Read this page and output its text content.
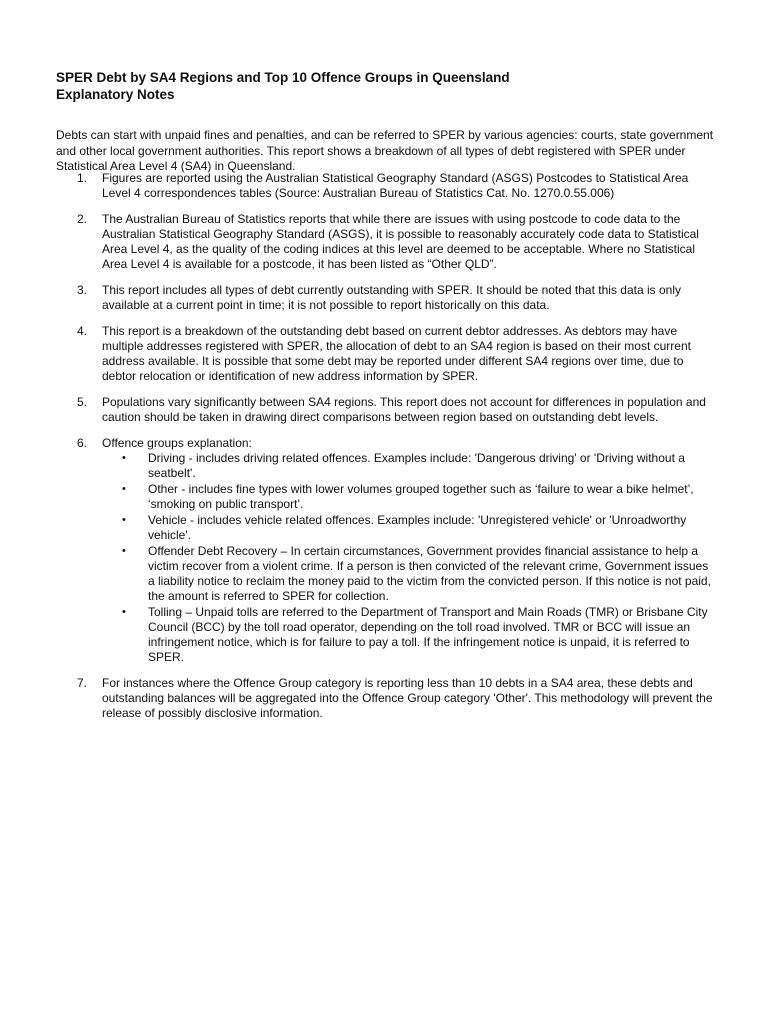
SPER Debt by SA4 Regions and Top 10 Offence Groups in Queensland
Explanatory Notes

Debts can start with unpaid fines and penalties, and can be referred to SPER by various agencies: courts, state government and other local government authorities. This report shows a breakdown of all types of debt registered with SPER under Statistical Area Level 4 (SA4) in Queensland.

1. Figures are reported using the Australian Statistical Geography Standard (ASGS) Postcodes to Statistical Area Level 4 correspondences tables (Source: Australian Bureau of Statistics Cat. No. 1270.0.55.006)
2. The Australian Bureau of Statistics reports that while there are issues with using postcode to code data to the Australian Statistical Geography Standard (ASGS), it is possible to reasonably accurately code data to Statistical Area Level 4, as the quality of the coding indices at this level are deemed to be acceptable. Where no Statistical Area Level 4 is available for a postcode, it has been listed as “Other QLD”.
3. This report includes all types of debt currently outstanding with SPER. It should be noted that this data is only available at a current point in time; it is not possible to report historically on this data.
4. This report is a breakdown of the outstanding debt based on current debtor addresses. As debtors may have multiple addresses registered with SPER, the allocation of debt to an SA4 region is based on their most current address available. It is possible that some debt may be reported under different SA4 regions over time, due to debtor relocation or identification of new address information by SPER.
5. Populations vary significantly between SA4 regions. This report does not account for differences in population and caution should be taken in drawing direct comparisons between region based on outstanding debt levels.
6. Offence groups explanation:
• Driving - includes driving related offences. Examples include: 'Dangerous driving' or 'Driving without a seatbelt'.
• Other - includes fine types with lower volumes grouped together such as ‘failure to wear a bike helmet’, ‘smoking on public transport’.
• Vehicle - includes vehicle related offences. Examples include: 'Unregistered vehicle' or 'Unroadworthy vehicle'.
• Offender Debt Recovery – In certain circumstances, Government provides financial assistance to help a victim recover from a violent crime. If a person is then convicted of the relevant crime, Government issues a liability notice to reclaim the money paid to the victim from the convicted person. If this notice is not paid, the amount is referred to SPER for collection.
• Tolling – Unpaid tolls are referred to the Department of Transport and Main Roads (TMR) or Brisbane City Council (BCC) by the toll road operator, depending on the toll road involved. TMR or BCC will issue an infringement notice, which is for failure to pay a toll. If the infringement notice is unpaid, it is referred to SPER.
7. For instances where the Offence Group category is reporting less than 10 debts in a SA4 area, these debts and outstanding balances will be aggregated into the Offence Group category 'Other'. This methodology will prevent the release of possibly disclosive information.
